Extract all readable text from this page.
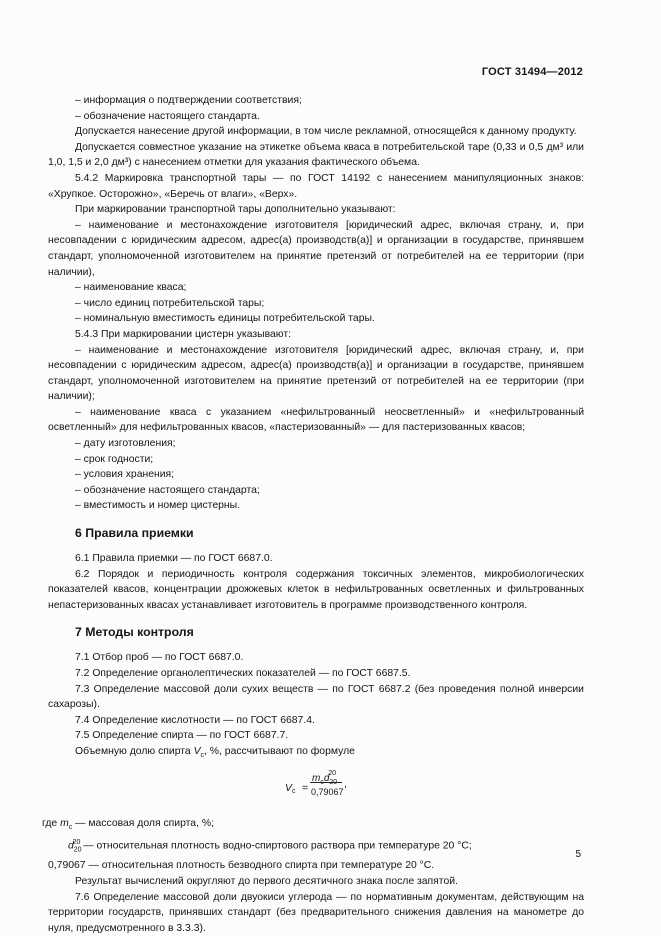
ГОСТ 31494—2012

– информация о подтверждении соответствия;

– обозначение настоящего стандарта.

Допускается нанесение другой информации, в том числе рекламной, относящейся к данному продукту.

Допускается совместное указание на этикетке объема кваса в потребительской таре (0,33 и 0,5 дм³ или 1,0, 1,5 и 2,0 дм³) с нанесением отметки для указания фактического объема.

5.4.2 Маркировка транспортной тары — по ГОСТ 14192 с нанесением манипуляционных знаков: «Хрупкое. Осторожно», «Беречь от влаги», «Верх».

При маркировании транспортной тары дополнительно указывают:

– наименование и местонахождение изготовителя [юридический адрес, включая страну, и, при несовпадении с юридическим адресом, адрес(а) производств(а)] и организации в государстве, принявшем стандарт, уполномоченной изготовителем на принятие претензий от потребителей на ее территории (при наличии),

– наименование кваса;

– число единиц потребительской тары;

– номинальную вместимость единицы потребительской тары.

5.4.3 При маркировании цистерн указывают:

– наименование и местонахождение изготовителя [юридический адрес, включая страну, и, при несовпадении с юридическим адресом, адрес(а) производств(а)] и организации в государстве, принявшем стандарт, уполномоченной изготовителем на принятие претензий от потребителей на ее территории (при наличии);

– наименование кваса с указанием «нефильтрованный неосветленный» и «нефильтрованный осветленный» для нефильтрованных квасов, «пастеризованный» — для пастеризованных квасов;

– дату изготовления;

– срок годности;

– условия хранения;

– обозначение настоящего стандарта;

– вместимость и номер цистерны.

6 Правила приемки

6.1 Правила приемки — по ГОСТ 6687.0.

6.2 Порядок и периодичность контроля содержания токсичных элементов, микробиологических показателей квасов, концентрации дрожжевых клеток в нефильтрованных осветленных и фильтрованных непастеризованных квасах устанавливает изготовитель в программе производственного контроля.

7 Методы контроля

7.1 Отбор проб — по ГОСТ 6687.0.

7.2 Определение органолептических показателей — по ГОСТ 6687.5.

7.3 Определение массовой доли сухих веществ — по ГОСТ 6687.2 (без проведения полной инверсии сахарозы).

7.4 Определение кислотности — по ГОСТ 6687.4.

7.5 Определение спирта — по ГОСТ 6687.7.

Объемную долю спирта $V_с$, %, рассчитывают по формуле

$V_с$ =
$m_сd_{20}^{20}$
0,79067
,

где $m_с$ — массовая доля спирта, %;

$d_{20}^{20}$ — относительная плотность водно-спиртового раствора при температуре 20 °С;

0,79067 — относительная плотность безводного спирта при температуре 20 °С.

Результат вычислений округляют до первого десятичного знака после запятой.

7.6 Определение массовой доли двуокиси углерода — по нормативным документам, действующим на территории государств, принявших стандарт (без предварительного снижения давления на манометре до нуля, предусмотренного в 3.3.3).

5
